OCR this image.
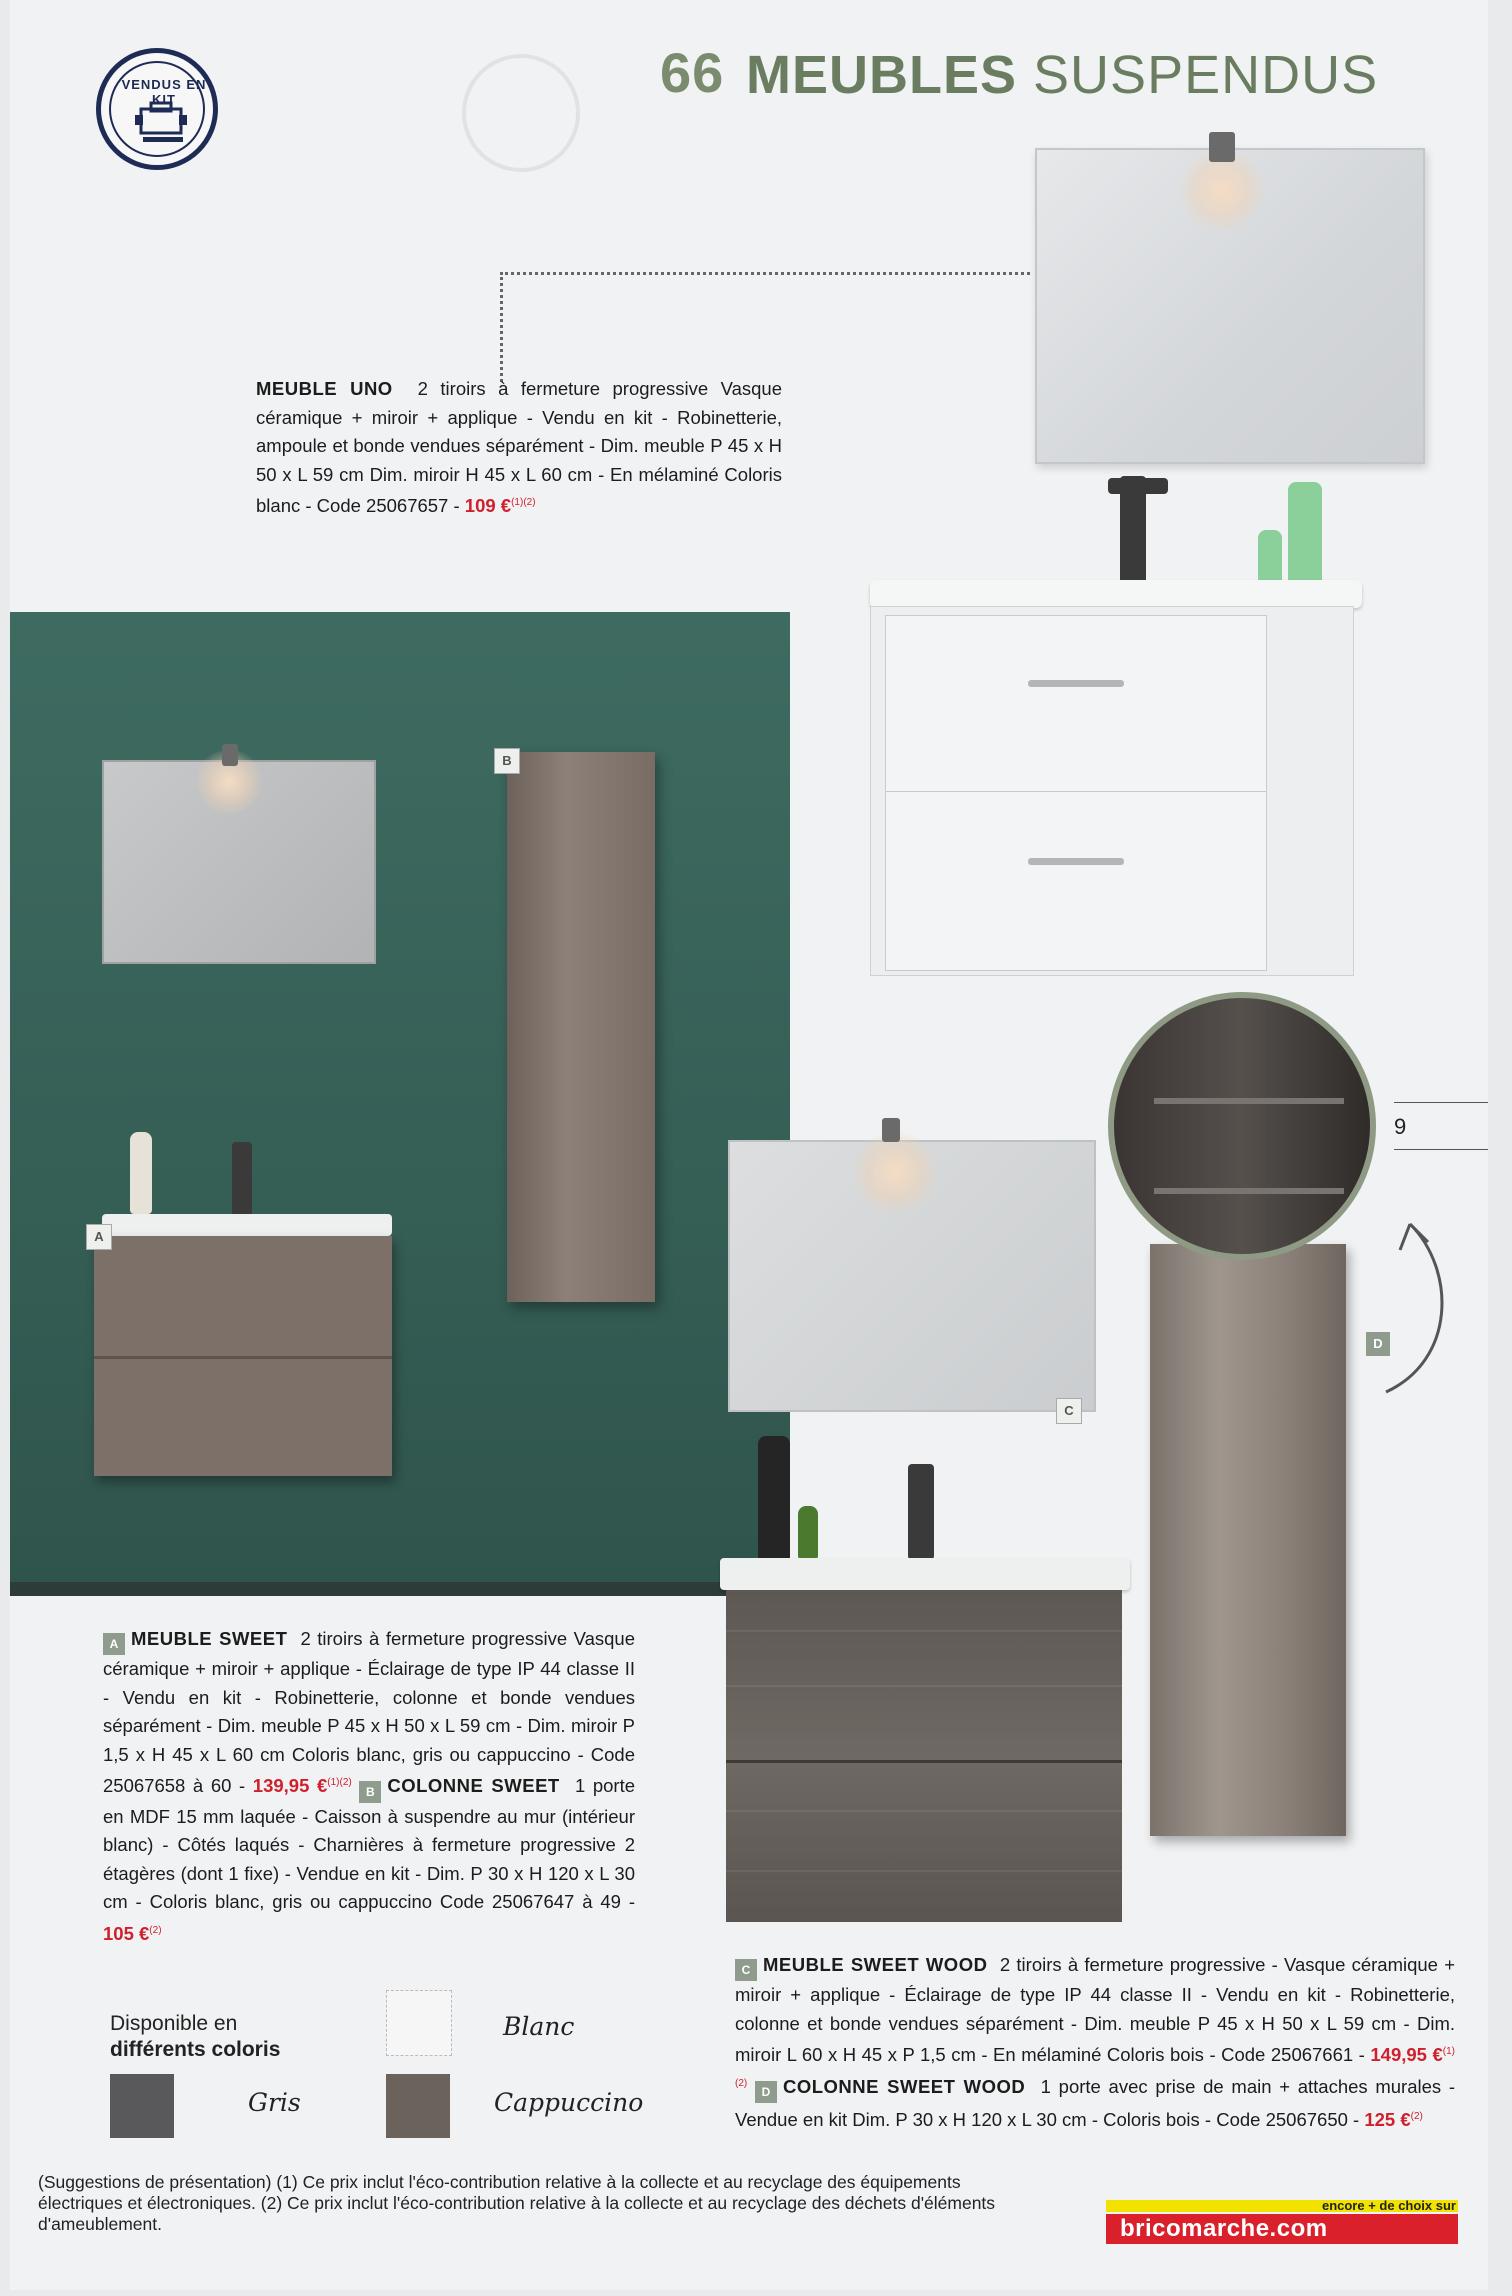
VENDUS EN KIT	66 MEUBLES SUSPENDUS
MEUBLE UNO 2 tiroirs à fermeture progressive Vasque céramique + miroir + applique - Vendu en kit - Robinetterie, ampoule et bonde vendues séparément - Dim. meuble P 45 x H 50 x L 59 cm Dim. miroir H 45 x L 60 cm - En mélaminé Coloris blanc - Code 25067657 - 109 €$^{(1)(2)}$
B
A
C
9
D
A MEUBLE SWEET 2 tiroirs à fermeture progressive Vasque céramique + miroir + applique - Éclairage de type IP 44 classe II - Vendu en kit - Robinetterie, colonne et bonde vendues séparément - Dim. meuble P 45 x H 50 x L 59 cm - Dim. miroir P 1,5 x H 45 x L 60 cm Coloris blanc, gris ou cappuccino - Code 25067658 à 60 - 139,95 €$^{(1)(2)}$ B COLONNE SWEET 1 porte en MDF 15 mm laquée - Caisson à suspendre au mur (intérieur blanc) - Côtés laqués - Charnières à fermeture progressive 2 étagères (dont 1 fixe) - Vendue en kit - Dim. P 30 x H 120 x L 30 cm - Coloris blanc, gris ou cappuccino Code 25067647 à 49 - 105 €$^{(2)}$
Disponible en
différents coloris
Blanc
Gris	Cappuccino
C MEUBLE SWEET WOOD 2 tiroirs à fermeture progressive - Vasque céramique + miroir + applique - Éclairage de type IP 44 classe II - Vendu en kit - Robinetterie, colonne et bonde vendues séparément - Dim. meuble P 45 x H 50 x L 59 cm - Dim. miroir L 60 x H 45 x P 1,5 cm - En mélaminé Coloris bois - Code 25067661 - 149,95 €$^{(1)(2)}$ D COLONNE SWEET WOOD 1 porte avec prise de main + attaches murales - Vendue en kit Dim. P 30 x H 120 x L 30 cm - Coloris bois - Code 25067650 - 125 €$^{(2)}$
(Suggestions de présentation) (1) Ce prix inclut l'éco-contribution relative à la collecte et au recyclage des équipements électriques et électroniques. (2) Ce prix inclut l'éco-contribution relative à la collecte et au recyclage des déchets d'éléments d'ameublement.
encore + de choix sur
bricomarche.com
